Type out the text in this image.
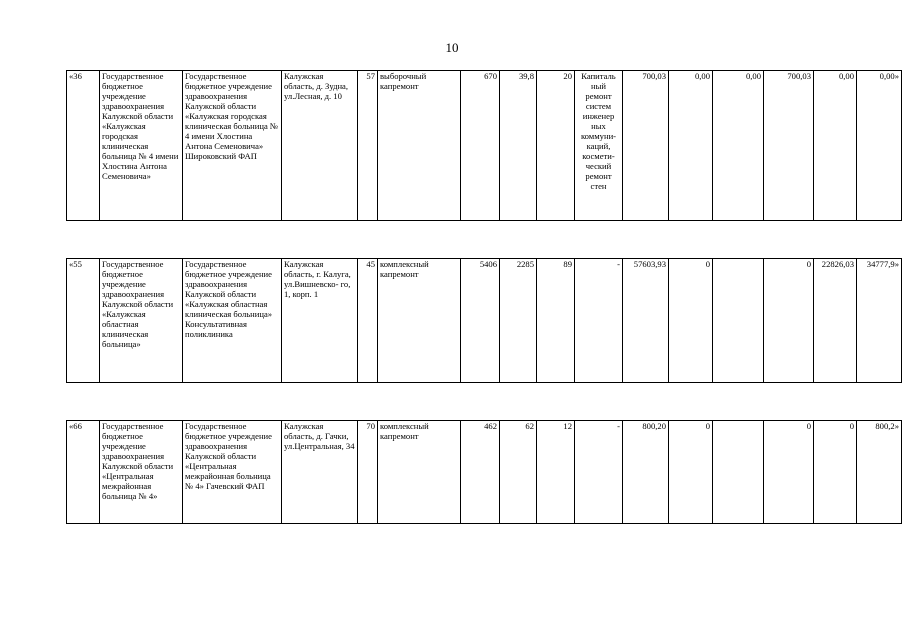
10
«36	Государственное бюджетное учреждение здравоохранения Калужской области «Калужская городская клиническая больница № 4 имени Хлостина Антона Семеновича»	Государственное бюджетное учреждение здравоохранения Калужской области «Калужская городская клиническая больница № 4 имени Хлостина Антона Семеновича» Широковский ФАП	Калужская область, д. Зудна, ул.Лесная, д. 10	57	выборочный капремонт	670	39,8	20	Капиталь ный ремонт систем инженер ных коммуни- каций, космети- ческий ремонт стен	700,03	0,00	0,00	700,03	0,00	0,00»
«55	Государственное бюджетное учреждение здравоохранения Калужской области «Калужская областная клиническая больница»	Государственное бюджетное учреждение здравоохранения Калужской области «Калужская областная клиническая больница» Консультативная поликлиника	Калужская область, г. Калуга, ул.Вишневско- го, 1, корп. 1	45	комплексный капремонт	5406	2285	89	-	57603,93	0		0	22826,03	34777,9»
«66	Государственное бюджетное учреждение здравоохранения Калужской области «Центральная межрайонная больница № 4»	Государственное бюджетное учреждение здравоохранения Калужской области «Центральная межрайонная больница № 4» Гачевский ФАП	Калужская область, д. Гачки, ул.Центральная, 34	70	комплексный капремонт	462	62	12	-	800,20	0		0	0	800,2»
